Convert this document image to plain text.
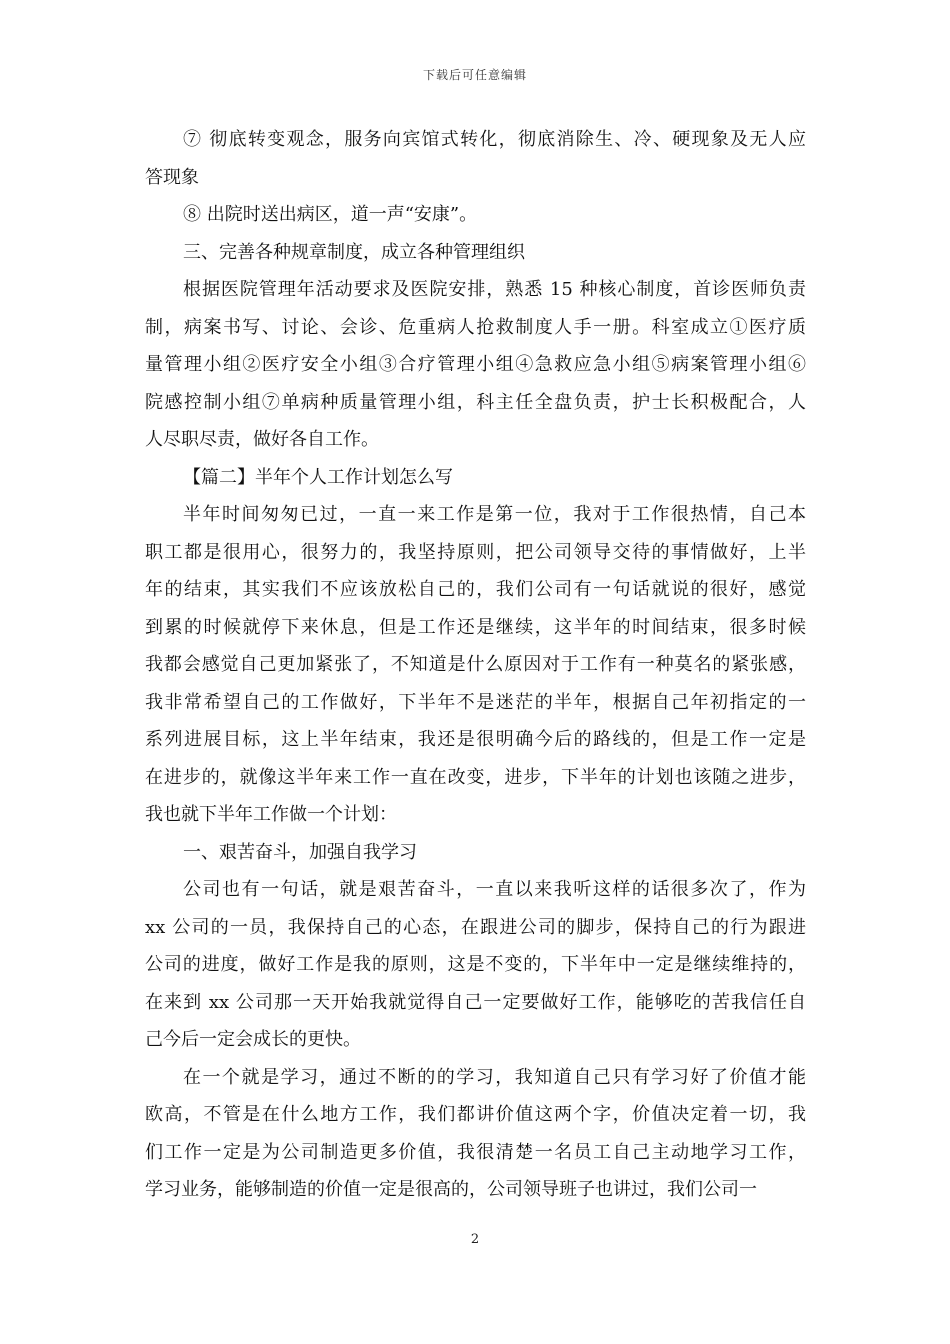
下载后可任意编辑
⑦ 彻底转变观念，服务向宾馆式转化，彻底消除生、冷、硬现象及无人应
答现象
⑧ 出院时送出病区，道一声“安康”。
三、完善各种规章制度，成立各种管理组织
根据医院管理年活动要求及医院安排，熟悉 15 种核心制度，首诊医师负责
制，病案书写、讨论、会诊、危重病人抢救制度人手一册。科室成立①医疗质
量管理小组②医疗安全小组③合疗管理小组④急救应急小组⑤病案管理小组⑥
院感控制小组⑦单病种质量管理小组，科主任全盘负责，护士长积极配合，人
人尽职尽责，做好各自工作。
【篇二】半年个人工作计划怎么写
半年时间匆匆已过，一直一来工作是第一位，我对于工作很热情，自己本
职工都是很用心，很努力的，我坚持原则，把公司领导交待的事情做好，上半
年的结束，其实我们不应该放松自己的，我们公司有一句话就说的很好，感觉
到累的时候就停下来休息，但是工作还是继续，这半年的时间结束，很多时候
我都会感觉自己更加紧张了，不知道是什么原因对于工作有一种莫名的紧张感，
我非常希望自己的工作做好，下半年不是迷茫的半年，根据自己年初指定的一
系列进展目标，这上半年结束，我还是很明确今后的路线的，但是工作一定是
在进步的，就像这半年来工作一直在改变，进步，下半年的计划也该随之进步，
我也就下半年工作做一个计划：
一、艰苦奋斗，加强自我学习
公司也有一句话，就是艰苦奋斗，一直以来我听这样的话很多次了，作为
xx 公司的一员，我保持自己的心态，在跟进公司的脚步，保持自己的行为跟进
公司的进度，做好工作是我的原则，这是不变的，下半年中一定是继续维持的，
在来到 xx 公司那一天开始我就觉得自己一定要做好工作，能够吃的苦我信任自
己今后一定会成长的更快。
在一个就是学习，通过不断的的学习，我知道自己只有学习好了价值才能
欧高，不管是在什么地方工作，我们都讲价值这两个字，价值决定着一切，我
们工作一定是为公司制造更多价值，我很清楚一名员工自己主动地学习工作，
学习业务，能够制造的价值一定是很高的，公司领导班子也讲过，我们公司一
2
